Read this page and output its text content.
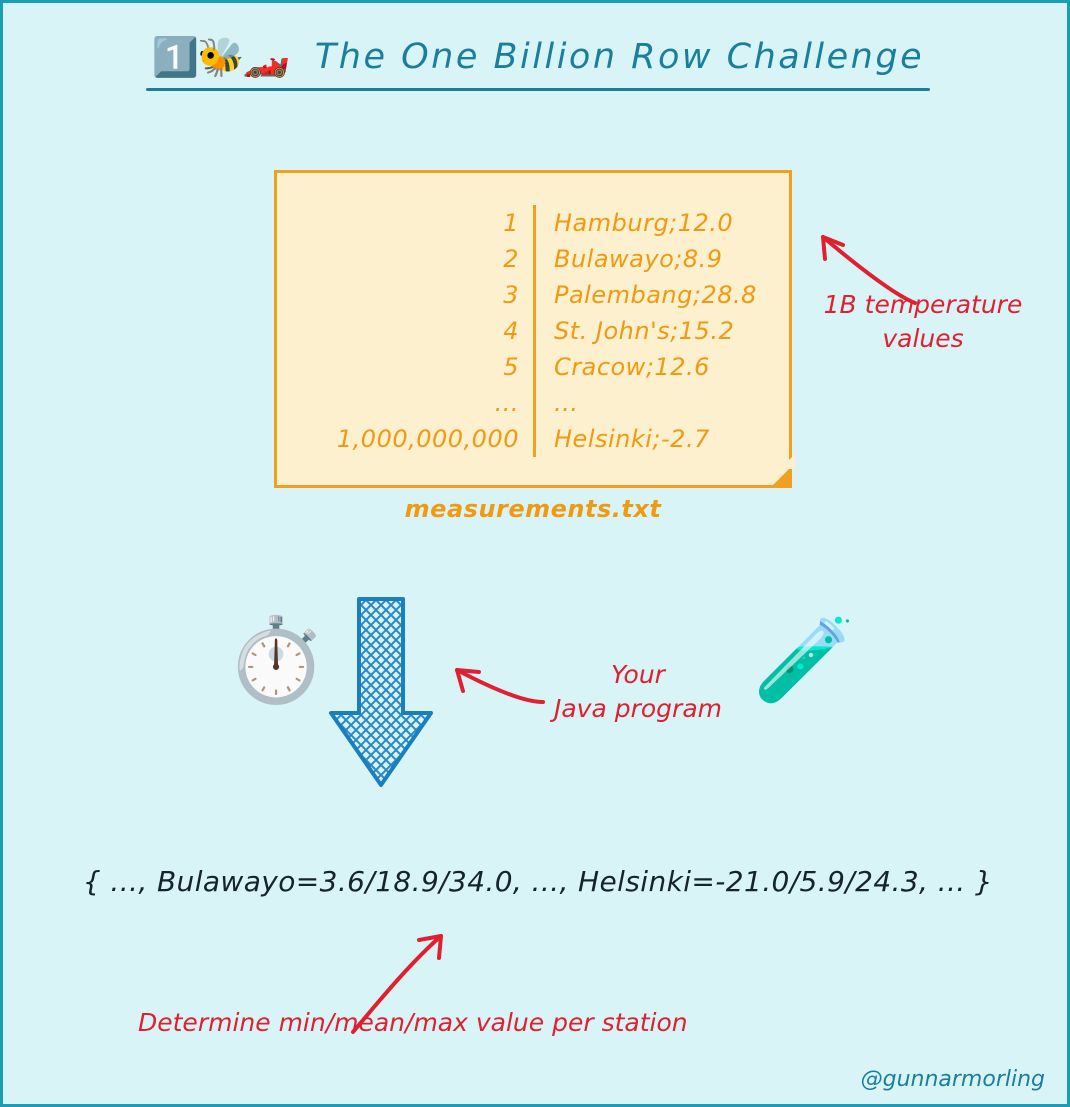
1️⃣🐝🏎️ The One Billion Row Challenge
1	Hamburg;12.0
2	Bulawayo;8.9
3	Palembang;28.8
4	St. John's;15.2
5	Cracow;12.6
...	...
1,000,000,000	Helsinki;-2.7
measurements.txt
1B temperature
values
⏱️	🧪
Your
Java program
{ ..., Bulawayo=3.6/18.9/34.0, ..., Helsinki=-21.0/5.9/24.3, ... }
Determine min/mean/max value per station
@gunnarmorling
